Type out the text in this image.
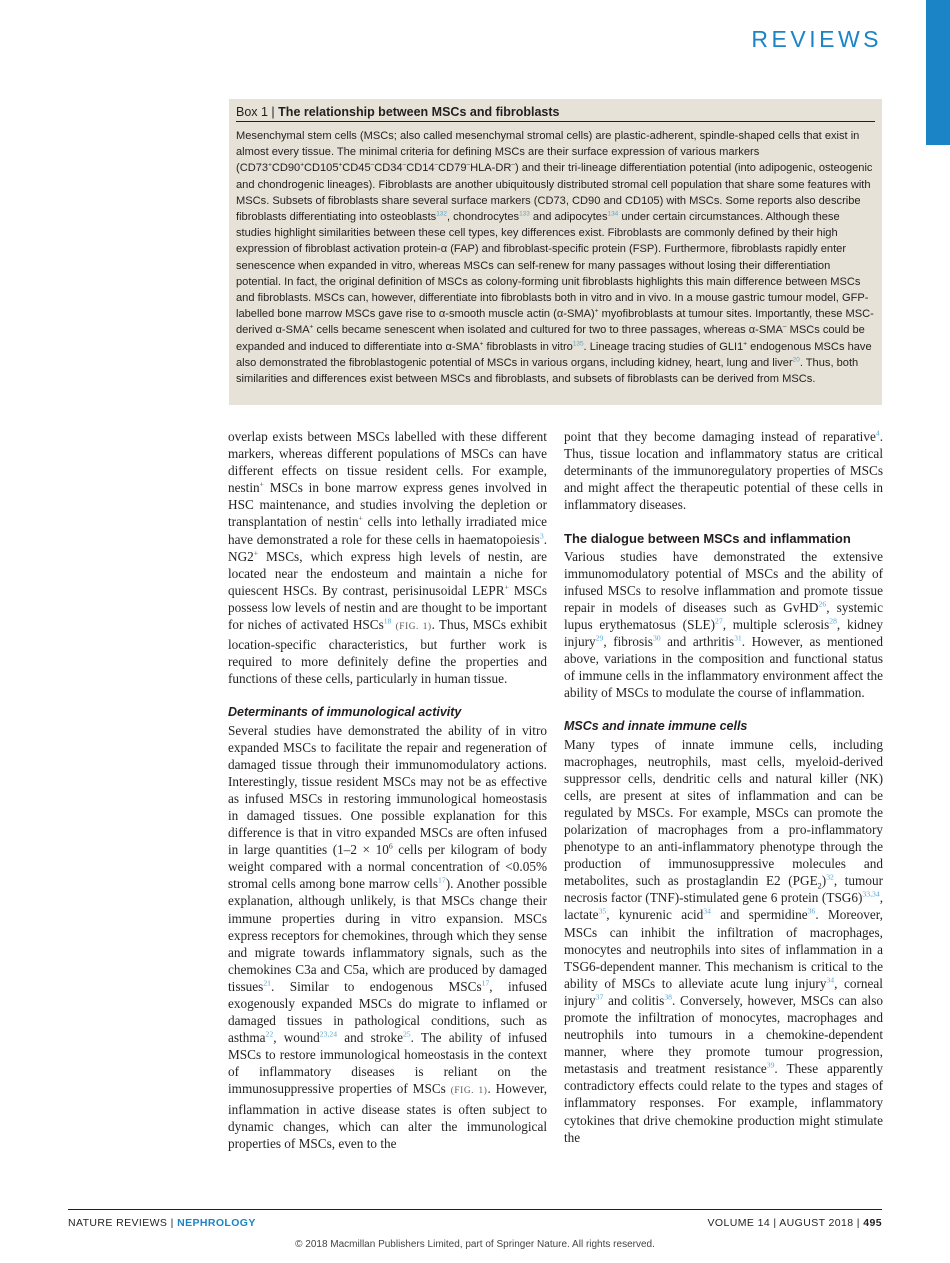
REVIEWS
Box 1 | The relationship between MSCs and fibroblasts
Mesenchymal stem cells (MSCs; also called mesenchymal stromal cells) are plastic-adherent, spindle-shaped cells that exist in almost every tissue. The minimal criteria for defining MSCs are their surface expression of various markers (CD73+CD90+CD105+CD45–CD34–CD14–CD79–HLA-DR–) and their tri-lineage differentiation potential (into adipogenic, osteogenic and chondrogenic lineages). Fibroblasts are another ubiquitously distributed stromal cell population that share some features with MSCs. Subsets of fibroblasts share several surface markers (CD73, CD90 and CD105) with MSCs. Some reports also describe fibroblasts differentiating into osteoblasts$^{132}$, chondrocytes$^{133}$ and adipocytes$^{134}$ under certain circumstances. Although these studies highlight similarities between these cell types, key differences exist. Fibroblasts are commonly defined by their high expression of fibroblast activation protein-α (FAP) and fibroblast-specific protein (FSP). Furthermore, fibroblasts rapidly enter senescence when expanded in vitro, whereas MSCs can self-renew for many passages without losing their differentiation potential. In fact, the original definition of MSCs as colony-forming unit fibroblasts highlights this main difference between MSCs and fibroblasts. MSCs can, however, differentiate into fibroblasts both in vitro and in vivo. In a mouse gastric tumour model, GFP-labelled bone marrow MSCs gave rise to α-smooth muscle actin (α-SMA)+ myofibroblasts at tumour sites. Importantly, these MSC-derived α-SMA+ cells became senescent when isolated and cultured for two to three passages, whereas α-SMA– MSCs could be expanded and induced to differentiate into α-SMA+ fibroblasts in vitro$^{135}$. Lineage tracing studies of GLI1+ endogenous MSCs have also demonstrated the fibroblastogenic potential of MSCs in various organs, including kidney, heart, lung and liver$^{20}$. Thus, both similarities and differences exist between MSCs and fibroblasts, and subsets of fibroblasts can be derived from MSCs.

overlap exists between MSCs labelled with these different markers, whereas different populations of MSCs can have different effects on tissue resident cells. For example, nestin+ MSCs in bone marrow express genes involved in HSC maintenance, and studies involving the depletion or transplantation of nestin+ cells into lethally irradiated mice have demonstrated a role for these cells in haematopoiesis$^3$. NG2+ MSCs, which express high levels of nestin, are located near the endosteum and maintain a niche for quiescent HSCs. By contrast, perisinusoidal LEPR+ MSCs possess low levels of nestin and are thought to be important for niches of activated HSCs$^{18}$ (FIG. 1). Thus, MSCs exhibit location-specific characteristics, but further work is required to more definitely define the properties and functions of these cells, particularly in human tissue.

Determinants of immunological activity

Several studies have demonstrated the ability of in vitro expanded MSCs to facilitate the repair and regeneration of damaged tissue through their immunomodulatory actions. Interestingly, tissue resident MSCs may not be as effective as infused MSCs in restoring immunological homeostasis in damaged tissues. One possible explanation for this difference is that in vitro expanded MSCs are often infused in large quantities ($1-2 \times 10^6$ cells per kilogram of body weight compared with a normal concentration of <0.05% stromal cells among bone marrow cells$^{17}$). Another possible explanation, although unlikely, is that MSCs change their immune properties during in vitro expansion. MSCs express receptors for chemokines, through which they sense and migrate towards inflammatory signals, such as the chemokines C3a and C5a, which are produced by damaged tissues$^{21}$. Similar to endogenous MSCs$^{17}$, infused exogenously expanded MSCs do migrate to inflamed or damaged tissues in pathological conditions, such as asthma$^{22}$, wound$^{23,24}$ and stroke$^{25}$. The ability of infused MSCs to restore immunological homeostasis in the context of inflammatory diseases is reliant on the immunosuppressive properties of MSCs (FIG. 1). However, inflammation in active disease states is often subject to dynamic changes, which can alter the immunological properties of MSCs, even to the

point that they become damaging instead of reparative$^4$. Thus, tissue location and inflammatory status are critical determinants of the immunoregulatory properties of MSCs and might affect the therapeutic potential of these cells in inflammatory diseases.

The dialogue between MSCs and inflammation

Various studies have demonstrated the extensive immunomodulatory potential of MSCs and the ability of infused MSCs to resolve inflammation and promote tissue repair in models of diseases such as GvHD$^{26}$, systemic lupus erythematosus (SLE)$^{27}$, multiple sclerosis$^{28}$, kidney injury$^{29}$, fibrosis$^{30}$ and arthritis$^{31}$. However, as mentioned above, variations in the composition and functional status of immune cells in the inflammatory environment affect the ability of MSCs to modulate the course of inflammation.

MSCs and innate immune cells

Many types of innate immune cells, including macrophages, neutrophils, mast cells, myeloid-derived suppressor cells, dendritic cells and natural killer (NK) cells, are present at sites of inflammation and can be regulated by MSCs. For example, MSCs can promote the polarization of macrophages from a pro-inflammatory phenotype to an anti-inflammatory phenotype through the production of immunosuppressive molecules and metabolites, such as prostaglandin E2 $(PGE_2)^{32}$, tumour necrosis factor (TNF)-stimulated gene 6 protein (TSG6)$^{33,34}$, lactate$^{35}$, kynurenic acid$^{34}$ and spermidine$^{36}$. Moreover, MSCs can inhibit the infiltration of macrophages, monocytes and neutrophils into sites of inflammation in a TSG6-dependent manner. This mechanism is critical to the ability of MSCs to alleviate acute lung injury$^{34}$, corneal injury$^{37}$ and colitis$^{38}$. Conversely, however, MSCs can also promote the infiltration of monocytes, macrophages and neutrophils into tumours in a chemokine-dependent manner, where they promote tumour progression, metastasis and treatment resistance$^{39}$. These apparently contradictory effects could relate to the types and stages of inflammatory responses. For example, inflammatory cytokines that drive chemokine production might stimulate the

NATURE REVIEWS | NEPHROLOGY	VOLUME 14 | AUGUST 2018 | 495
© 2018 Macmillan Publishers Limited, part of Springer Nature. All rights reserved.
